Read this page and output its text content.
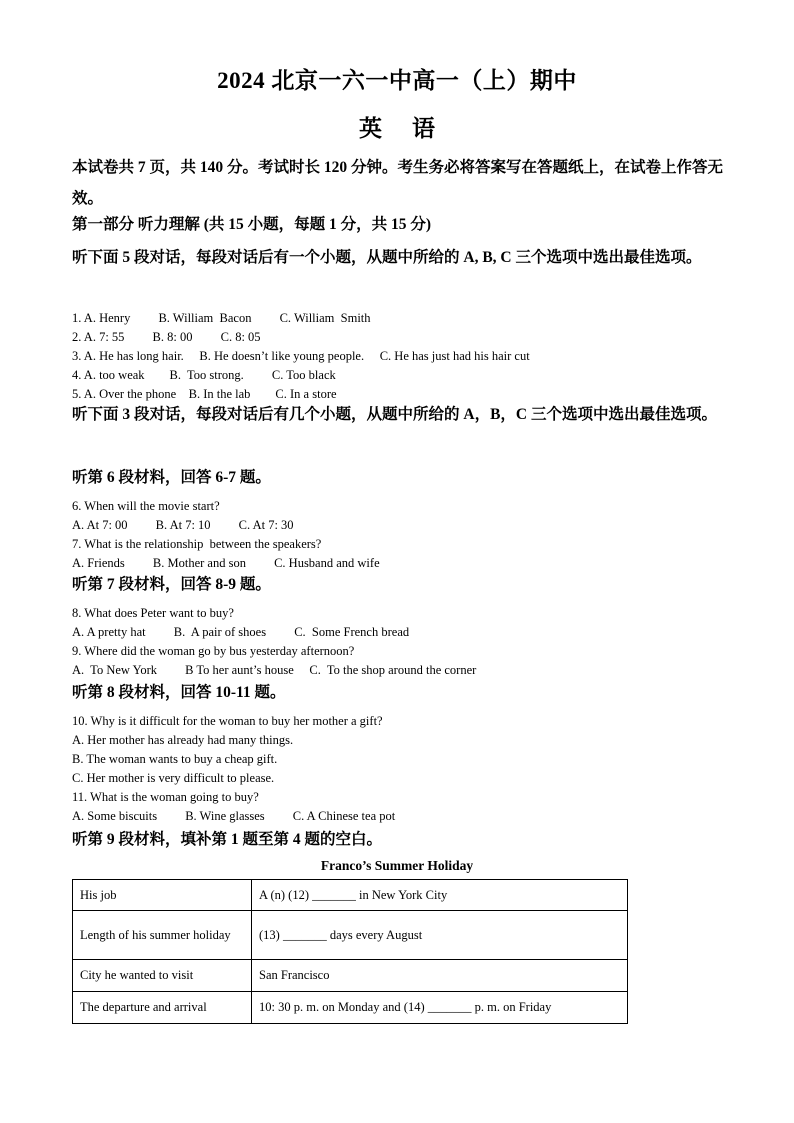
2024 北京一六一中高一（上）期中
英语
本试卷共 7 页，共 140 分。考试时长 120 分钟。考生务必将答案写在答题纸上，在试卷上作答无效。
第一部分 听力理解 (共 15 小题，每题 1 分，共 15 分)
听下面 5 段对话，每段对话后有一个小题，从题中所给的 A, B, C 三个选项中选出最佳选项。
1. A. Henry         B. William  Bacon         C. William  Smith
2. A. 7: 55         B. 8: 00         C. 8: 05
3. A. He has long hair.     B. He doesn’t like young people.     C. He has just had his hair cut
4. A. too weak        B.  Too strong.         C. Too black
5. A. Over the phone    B. In the lab        C. In a store
听下面 3 段对话，每段对话后有几个小题，从题中所给的 A，B，C 三个选项中选出最佳选项。
听第 6 段材料，回答 6-7 题。
6. When will the movie start?
A. At 7: 00         B. At 7: 10         C. At 7: 30
7. What is the relationship  between the speakers?
A. Friends         B. Mother and son         C. Husband and wife
听第 7 段材料，回答 8-9 题。
8. What does Peter want to buy?
A. A pretty hat         B.  A pair of shoes         C.  Some French bread
9. Where did the woman go by bus yesterday afternoon?
A.  To New York         B To her aunt’s house     C.  To the shop around the corner
听第 8 段材料，回答 10-11 题。
10. Why is it difficult for the woman to buy her mother a gift?
A. Her mother has already had many things.
B. The woman wants to buy a cheap gift.
C. Her mother is very difficult to please.
11. What is the woman going to buy?
A. Some biscuits         B. Wine glasses         C. A Chinese tea pot
听第 9 段材料，填补第 1 题至第 4 题的空白。
Franco’s Summer Holiday
His job	A (n) (12) _______ in New York City
Length of his summer holiday	(13) _______ days every August
City he wanted to visit	San Francisco
The departure and arrival	10: 30 p. m. on Monday and (14) _______ p. m. on Friday
